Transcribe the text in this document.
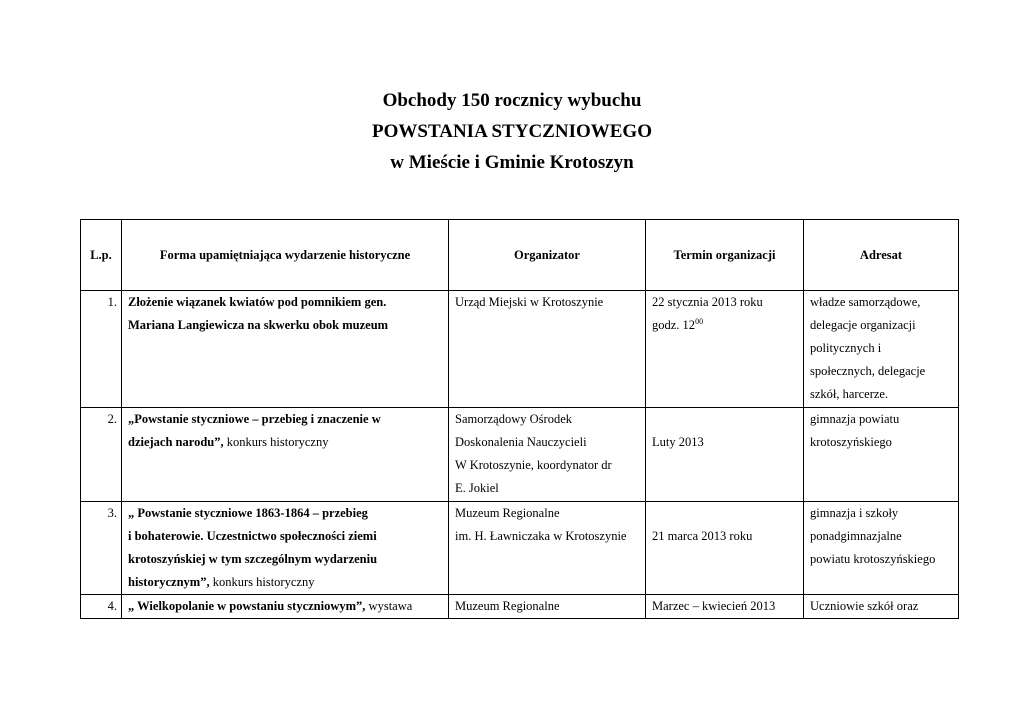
Obchody 150 rocznicy wybuchu
POWSTANIA STYCZNIOWEGO
w Mieście i Gminie Krotoszyn
L.p.	Forma upamiętniająca wydarzenie historyczne	Organizator	Termin organizacji	Adresat
1.	Złożenie wiązanek kwiatów pod pomnikiem gen.
Mariana Langiewicza na skwerku obok muzeum	Urząd Miejski w Krotoszynie	22 stycznia 2013 roku
godz. $12^{00}$	władze samorządowe,
delegacje organizacji
politycznych i
społecznych, delegacje
szkół, harcerze.

2.	„Powstanie styczniowe – przebieg i znaczenie w
dziejach narodu”, konkurs historyczny	Samorządowy Ośrodek
Doskonalenia Nauczycieli
W Krotoszynie, koordynator dr
E. Jokiel	Luty 2013	gimnazja powiatu
krotoszyńskiego

3.	„ Powstanie styczniowe 1863-1864 – przebieg
i bohaterowie. Uczestnictwo społeczności ziemi
krotoszyńskiej w tym szczególnym wydarzeniu
historycznym”, konkurs historyczny	Muzeum Regionalne
im. H. Ławniczaka w Krotoszynie	21 marca 2013 roku	gimnazja i szkoły
ponadgimnazjalne
powiatu krotoszyńskiego

4.	„ Wielkopolanie w powstaniu styczniowym”, wystawa	Muzeum Regionalne	Marzec – kwiecień 2013	Uczniowie szkół oraz
